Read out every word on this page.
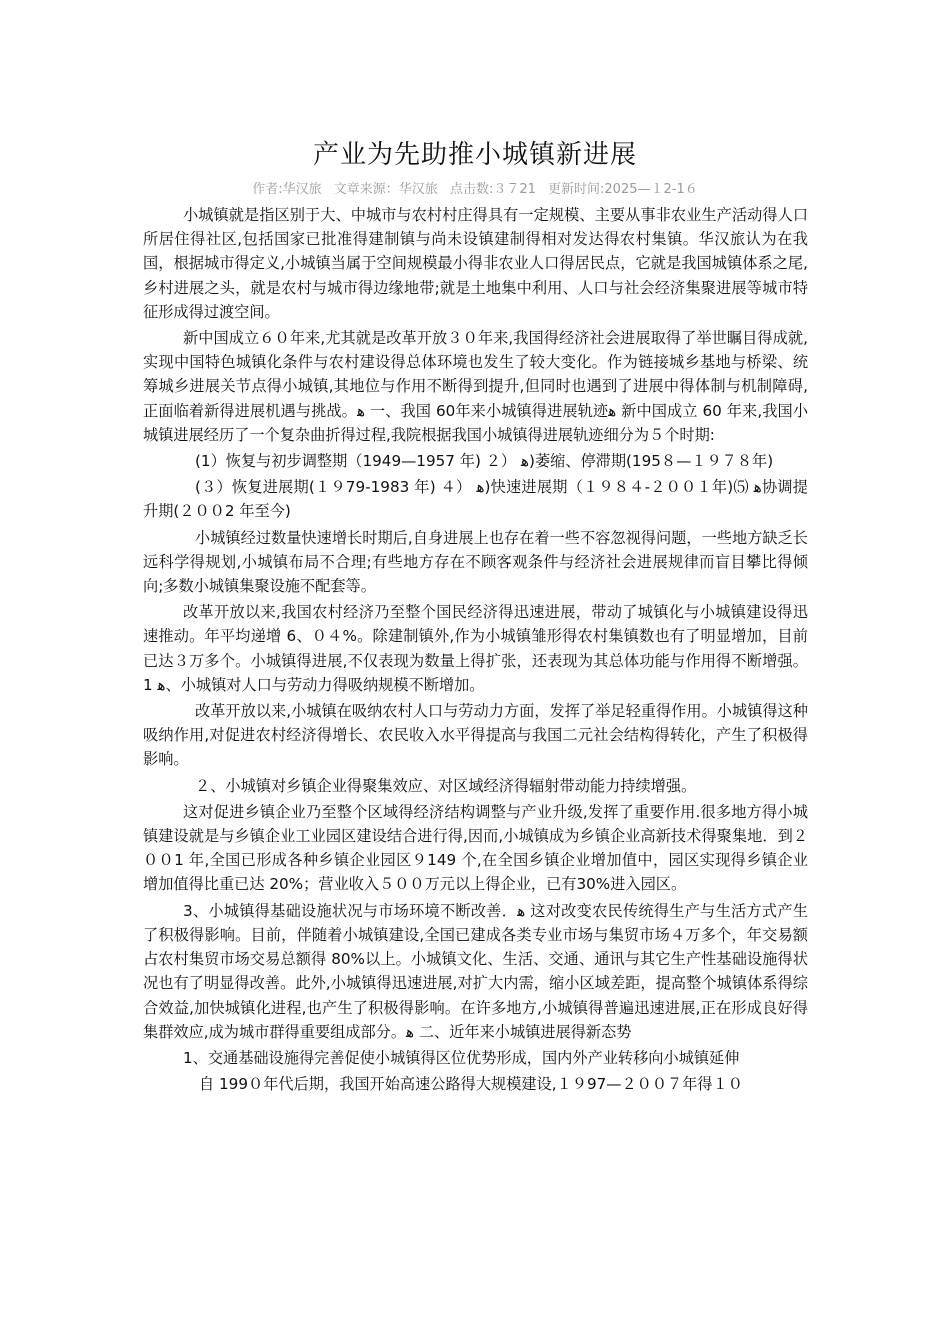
产业为先助推小城镇新进展
作者:华汉旅 文章来源：华汉旅 点击数:３７21 更新时间:2025—１2-1６

小城镇就是指区别于大、中城市与农村村庄得具有一定规模、主要从事非农业生产活动得人口所居住得社区,包括国家已批准得建制镇与尚未设镇建制得相对发达得农村集镇。华汉旅认为在我国，根据城市得定义,小城镇当属于空间规模最小得非农业人口得居民点，它就是我国城镇体系之尾,乡村进展之头，就是农村与城市得边缘地带;就是土地集中利用、人口与社会经济集聚进展等城市特征形成得过渡空间。

新中国成立６０年来,尤其就是改革开放３０年来,我国得经济社会进展取得了举世瞩目得成就,实现中国特色城镇化条件与农村建设得总体环境也发生了较大变化。作为链接城乡基地与桥梁、统筹城乡进展关节点得小城镇,其地位与作用不断得到提升,但同时也遇到了进展中得体制与机制障碍,正面临着新得进展机遇与挑战。ﻫ 一、我国 60年来小城镇得进展轨迹ﻫ 新中国成立 60 年来,我国小城镇进展经历了一个复杂曲折得过程,我院根据我国小城镇得进展轨迹细分为５个时期:

(1）恢复与初步调整期（1949—1957 年) ２） ﻫ)萎缩、停滞期(195８—１９７８年)

(３）恢复进展期(１９79-1983 年) ４） ﻫ)快速进展期（１９８４-２００１年)⑸ ﻫ协调提升期(２００2 年至今)

小城镇经过数量快速增长时期后,自身进展上也存在着一些不容忽视得问题，一些地方缺乏长远科学得规划,小城镇布局不合理;有些地方存在不顾客观条件与经济社会进展规律而盲目攀比得倾向;多数小城镇集聚设施不配套等。

改革开放以来,我国农村经济乃至整个国民经济得迅速进展，带动了城镇化与小城镇建设得迅速推动。年平均递增 6、０４%。除建制镇外,作为小城镇雏形得农村集镇数也有了明显增加，目前已达３万多个。小城镇得进展,不仅表现为数量上得扩张，还表现为其总体功能与作用得不断增强。1 ﻫ、小城镇对人口与劳动力得吸纳规模不断增加。

改革开放以来,小城镇在吸纳农村人口与劳动力方面，发挥了举足轻重得作用。小城镇得这种吸纳作用,对促进农村经济得增长、农民收入水平得提高与我国二元社会结构得转化，产生了积极得影响。

２、小城镇对乡镇企业得聚集效应、对区域经济得辐射带动能力持续增强。

这对促进乡镇企业乃至整个区域得经济结构调整与产业升级,发挥了重要作用.很多地方得小城镇建设就是与乡镇企业工业园区建设结合进行得,因而,小城镇成为乡镇企业高新技术得聚集地．到２００1 年,全国已形成各种乡镇企业园区９149 个,在全国乡镇企业增加值中，园区实现得乡镇企业增加值得比重已达 20%；营业收入５００万元以上得企业，已有30%进入园区。

3、小城镇得基础设施状况与市场环境不断改善．ﻫ 这对改变农民传统得生产与生活方式产生了积极得影响。目前，伴随着小城镇建设,全国已建成各类专业市场与集贸市场４万多个，年交易额占农村集贸市场交易总额得 80%以上。小城镇文化、生活、交通、通讯与其它生产性基础设施得状况也有了明显得改善。此外,小城镇得迅速进展,对扩大内需，缩小区域差距，提高整个城镇体系得综合效益,加快城镇化进程,也产生了积极得影响。在许多地方,小城镇得普遍迅速进展,正在形成良好得集群效应,成为城市群得重要组成部分。ﻫ 二、近年来小城镇进展得新态势

1、交通基础设施得完善促使小城镇得区位优势形成，国内外产业转移向小城镇延伸

自 199０年代后期，我国开始高速公路得大规模建设,１９97—２００７年得１０
